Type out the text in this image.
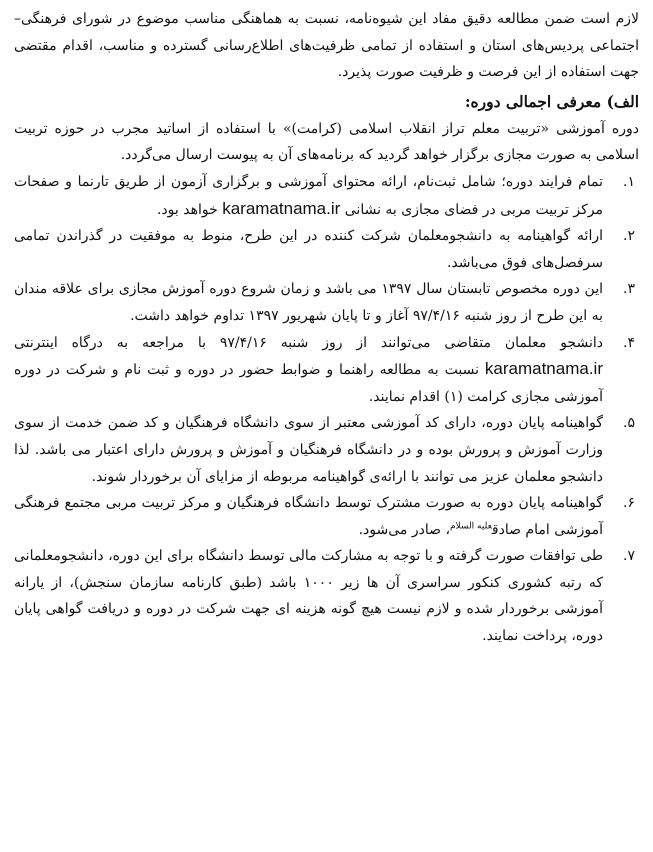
لازم است ضمن مطالعه دقیق مفاد این شیوه‌نامه، نسبت به هماهنگی مناسب موضوع در شورای فرهنگی– اجتماعی پردیس‌های استان و استفاده از تمامی ظرفیت‌های اطلاع‌رسانی گسترده و مناسب، اقدام مقتضی جهت استفاده از این فرصت و ظرفیت صورت پذیرد.

الف) معرفی اجمالی دوره:

دوره آموزشی «تربیت معلم تراز انقلاب اسلامی (کرامت)» با استفاده از اساتید مجرب در حوزه تربیت اسلامی به صورت مجازی برگزار خواهد گردید که برنامه‌های آن به پیوست ارسال می‌گردد.

۱.
تمام فرایند دوره؛ شامل ثبت‌نام، ارائه محتوای آموزشی و برگزاری آزمون از طریق تارنما و صفحات مرکز تربیت مربی در فضای مجازی به نشانی karamatnama.ir خواهد بود.
۲.
ارائه گواهینامه به دانشجومعلمان شرکت کننده در این طرح، منوط به موفقیت در گذراندن تمامی سرفصل‌های فوق می‌باشد.
۳.
این دوره مخصوص تابستان سال ۱۳۹۷ می باشد و زمان شروع دوره آموزش مجازی برای علاقه مندان به این طرح از روز شنبه ۹۷/۴/۱۶ آغاز و تا پایان شهریور ۱۳۹۷ تداوم خواهد داشت.
۴.
دانشجو معلمان متقاضی می‌توانند از روز شنبه ۹۷/۴/۱۶ با مراجعه به درگاه اینترنتی karamatnama.ir نسبت به مطالعه راهنما و ضوابط حضور در دوره و ثبت نام و شرکت در دوره آموزشی مجازی کرامت (۱) اقدام نمایند.
۵.
گواهینامه پایان دوره، دارای کد آموزشی معتبر از سوی دانشگاه فرهنگیان و کد ضمن خدمت از سوی وزارت آموزش و پرورش بوده و در دانشگاه فرهنگیان و آموزش و پرورش دارای اعتبار می باشد. لذا دانشجو معلمان عزیز می توانند با ارائه‌ی گواهینامه مربوطه از مزایای آن برخوردار شوند.
۶.
گواهینامه پایان دوره به صورت مشترک توسط دانشگاه فرهنگیان و مرکز تربیت مربی مجتمع فرهنگی آموزشی امام صادق$^{علیه السلام}$، صادر می‌شود.
۷.
طی توافقات صورت گرفته و با توجه به مشارکت مالی توسط دانشگاه برای این دوره، دانشجومعلمانی که رتبه کشوری کنکور سراسری آن ها زیر ۱۰۰۰ باشد (طبق کارنامه سازمان سنجش)، از یارانه آموزشی برخوردار شده و لازم نیست هیچ گونه هزینه ای جهت شرکت در دوره و دریافت گواهی پایان دوره، پرداخت نمایند.
